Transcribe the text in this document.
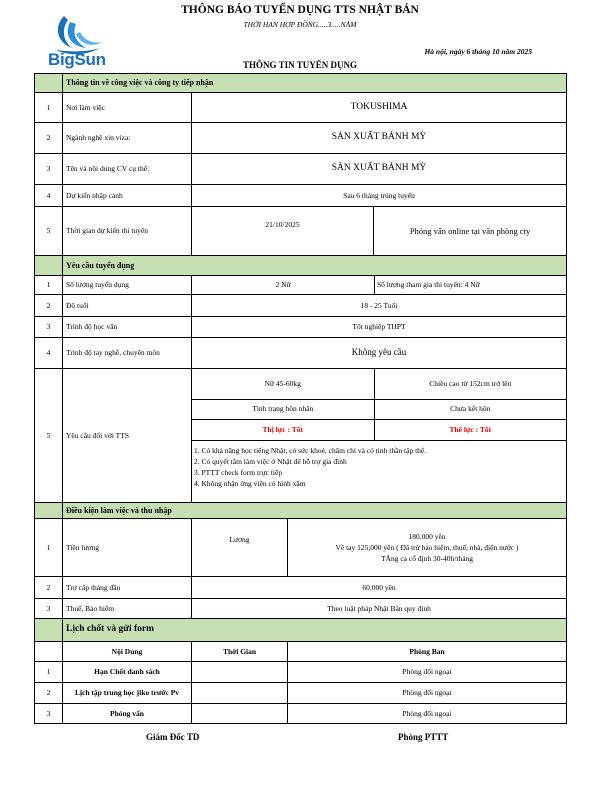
BigSun
THÔNG BÁO TUYỂN DỤNG TTS NHẬT BẢN
THỜI HẠN HỢP ĐỒNG.....3.....NĂM
Hà nội, ngày 6 tháng 10 năm 2025
THÔNG TIN TUYỂN DỤNG
	Thông tin về công việc và công ty tiếp nhận
1	Nơi làm việc	TOKUSHIMA
2	Ngành nghề xin viza:	SẢN XUẤT BÁNH MỲ
3	Tên và nội dung CV cụ thể:	SẢN XUẤT BÁNH MỲ
4	Dự kiến nhập cảnh	Sau 6 tháng trúng tuyển
5	Thời gian dự kiến thi tuyển	21/10/2025	Phỏng vấn online tại văn phòng cty
	Yêu cầu tuyển dụng
1	Số lượng tuyển dụng	2 Nữ	Số lượng tham gia thi tuyển: 4 Nữ

2	Độ tuổi	18 - 25 Tuổi
3	Trình độ học vấn	Tốt nghiệp THPT
4	Trình độ tay nghề, chuyên môn	Không yêu cầu
5	Yêu cầu đối với TTS	
Nữ 45-60kg	Chiều cao từ 152cm trở lên
Tình trạng hôn nhân	Chưa kết hôn
Thị lực : Tốt	Thể lực : Tốt

1. Có khả năng học tiếng Nhật, có sức khoẻ, chăm chỉ và có tinh thần tập thể.
2. Có quyết tâm làm việc ở Nhật để hỗ trợ gia đình
3. PTTT check form trực tiếp
4. Không nhận ứng viên có hình xăm

	Điều kiện làm việc và thu nhập
1	Tiền lương	Lương	180.000 yên
Về tay 125,000 yên ( Đã trừ bảo hiểm, thuế, nhà, điện nước )
TĂng ca cố định 30-40h/tháng

2	Trợ cấp tháng đầu	60.000 yên
3	Thuế, Bảo hiểm	Theo luật pháp Nhật Bản quy định
	Lịch chốt và gửi form
	Nội Dung	Thời Gian	Phòng Ban
1	Hạn Chốt danh sách		Phòng đối ngoại
2	Lịch tập trung học jiko trước Pv		Phòng đối ngoại
3	Phỏng vấn		Phòng đối ngoại
Giám Đốc TD	Phòng PTTT
